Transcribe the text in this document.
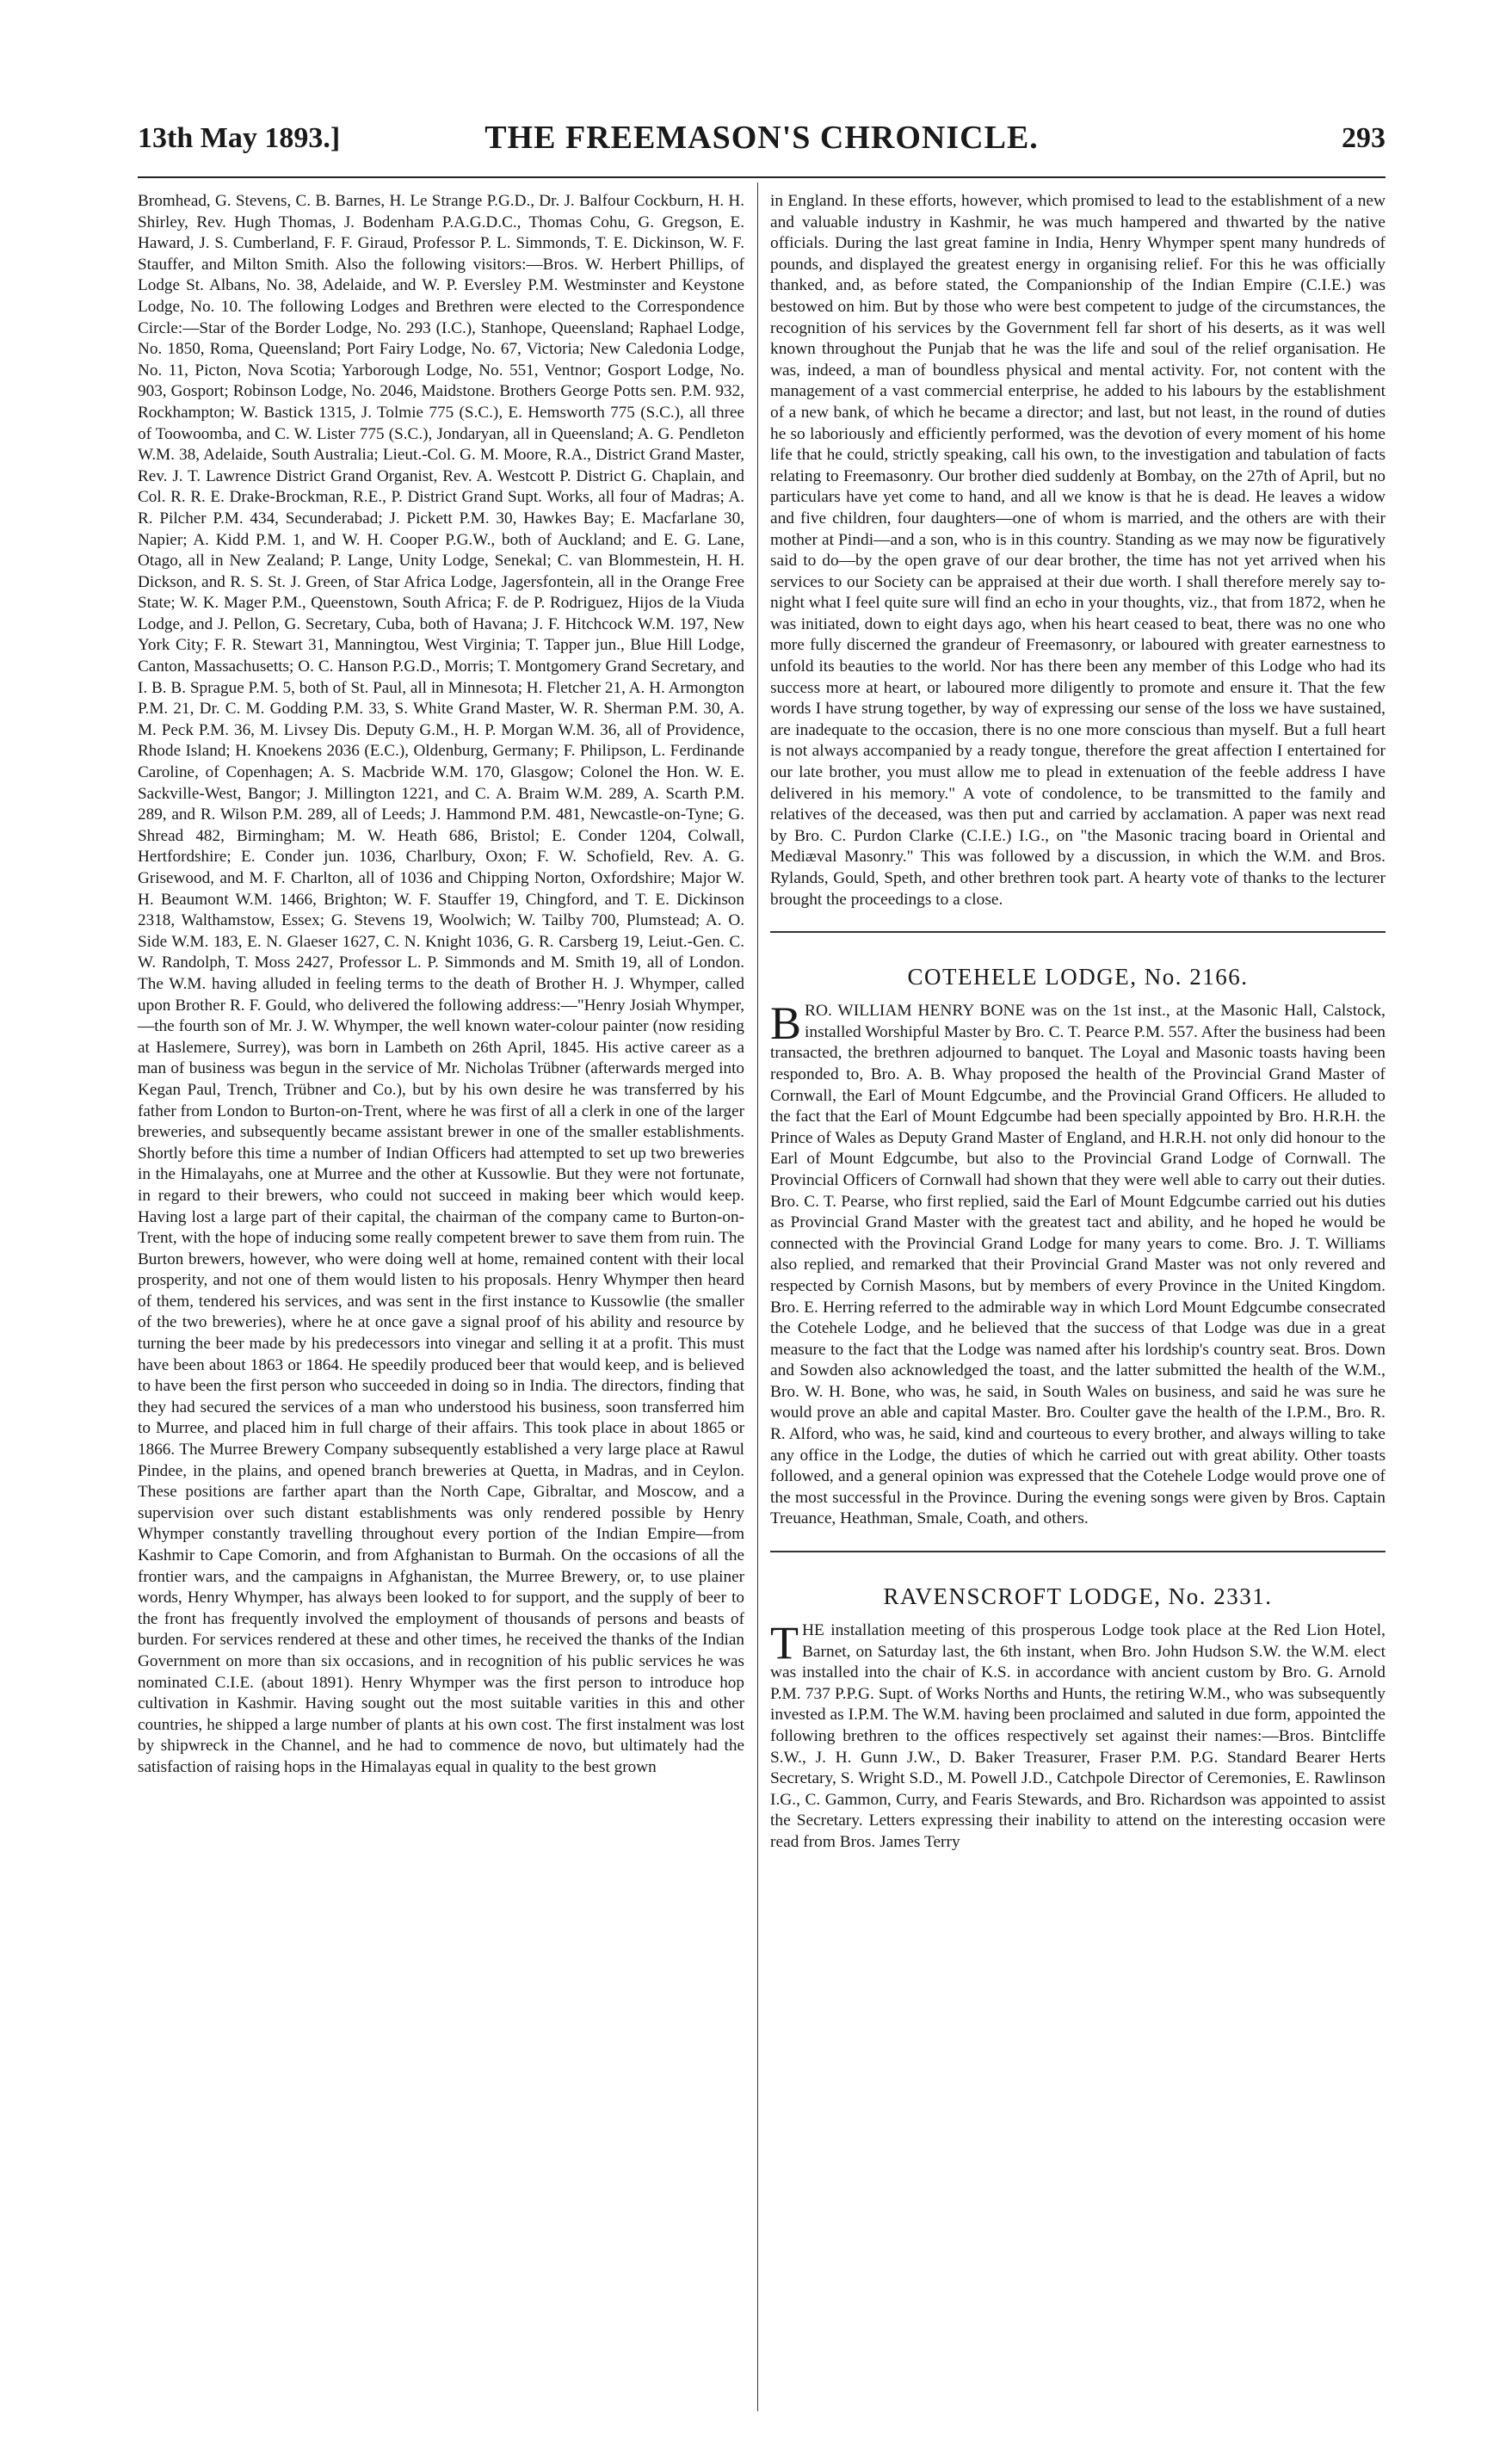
13th May 1893.]	THE FREEMASON'S CHRONICLE.	293

Bromhead, G. Stevens, C. B. Barnes, H. Le Strange P.G.D., Dr. J. Balfour Cockburn, H. H. Shirley, Rev. Hugh Thomas, J. Bodenham P.A.G.D.C., Thomas Cohu, G. Gregson, E. Haward, J. S. Cumberland, F. F. Giraud, Professor P. L. Simmonds, T. E. Dickinson, W. F. Stauffer, and Milton Smith. Also the following visitors:—Bros. W. Herbert Phillips, of Lodge St. Albans, No. 38, Adelaide, and W. P. Eversley P.M. Westminster and Keystone Lodge, No. 10. The following Lodges and Brethren were elected to the Correspondence Circle:—Star of the Border Lodge, No. 293 (I.C.), Stanhope, Queensland; Raphael Lodge, No. 1850, Roma, Queensland; Port Fairy Lodge, No. 67, Victoria; New Caledonia Lodge, No. 11, Picton, Nova Scotia; Yarborough Lodge, No. 551, Ventnor; Gosport Lodge, No. 903, Gosport; Robinson Lodge, No. 2046, Maidstone. Brothers George Potts sen. P.M. 932, Rockhampton; W. Bastick 1315, J. Tolmie 775 (S.C.), E. Hemsworth 775 (S.C.), all three of Toowoomba, and C. W. Lister 775 (S.C.), Jondaryan, all in Queensland; A. G. Pendleton W.M. 38, Adelaide, South Australia; Lieut.-Col. G. M. Moore, R.A., District Grand Master, Rev. J. T. Lawrence District Grand Organist, Rev. A. Westcott P. District G. Chaplain, and Col. R. R. E. Drake-Brockman, R.E., P. District Grand Supt. Works, all four of Madras; A. R. Pilcher P.M. 434, Secunderabad; J. Pickett P.M. 30, Hawkes Bay; E. Macfarlane 30, Napier; A. Kidd P.M. 1, and W. H. Cooper P.G.W., both of Auckland; and E. G. Lane, Otago, all in New Zealand; P. Lange, Unity Lodge, Senekal; C. van Blommestein, H. H. Dickson, and R. S. St. J. Green, of Star Africa Lodge, Jagersfontein, all in the Orange Free State; W. K. Mager P.M., Queenstown, South Africa; F. de P. Rodriguez, Hijos de la Viuda Lodge, and J. Pellon, G. Secretary, Cuba, both of Havana; J. F. Hitchcock W.M. 197, New York City; F. R. Stewart 31, Manningtou, West Virginia; T. Tapper jun., Blue Hill Lodge, Canton, Massachusetts; O. C. Hanson P.G.D., Morris; T. Montgomery Grand Secretary, and I. B. B. Sprague P.M. 5, both of St. Paul, all in Minnesota; H. Fletcher 21, A. H. Armongton P.M. 21, Dr. C. M. Godding P.M. 33, S. White Grand Master, W. R. Sherman P.M. 30, A. M. Peck P.M. 36, M. Livsey Dis. Deputy G.M., H. P. Morgan W.M. 36, all of Providence, Rhode Island; H. Knoekens 2036 (E.C.), Oldenburg, Germany; F. Philipson, L. Ferdinande Caroline, of Copenhagen; A. S. Macbride W.M. 170, Glasgow; Colonel the Hon. W. E. Sackville-West, Bangor; J. Millington 1221, and C. A. Braim W.M. 289, A. Scarth P.M. 289, and R. Wilson P.M. 289, all of Leeds; J. Hammond P.M. 481, Newcastle-on-Tyne; G. Shread 482, Birmingham; M. W. Heath 686, Bristol; E. Conder 1204, Colwall, Hertfordshire; E. Conder jun. 1036, Charlbury, Oxon; F. W. Schofield, Rev. A. G. Grisewood, and M. F. Charlton, all of 1036 and Chipping Norton, Oxfordshire; Major W. H. Beaumont W.M. 1466, Brighton; W. F. Stauffer 19, Chingford, and T. E. Dickinson 2318, Walthamstow, Essex; G. Stevens 19, Woolwich; W. Tailby 700, Plumstead; A. O. Side W.M. 183, E. N. Glaeser 1627, C. N. Knight 1036, G. R. Carsberg 19, Leiut.-Gen. C. W. Randolph, T. Moss 2427, Professor L. P. Simmonds and M. Smith 19, all of London. The W.M. having alluded in feeling terms to the death of Brother H. J. Whymper, called upon Brother R. F. Gould, who delivered the following address:—"Henry Josiah Whymper,—the fourth son of Mr. J. W. Whymper, the well known water-colour painter (now residing at Haslemere, Surrey), was born in Lambeth on 26th April, 1845. His active career as a man of business was begun in the service of Mr. Nicholas Trübner (afterwards merged into Kegan Paul, Trench, Trübner and Co.), but by his own desire he was transferred by his father from London to Burton-on-Trent, where he was first of all a clerk in one of the larger breweries, and subsequently became assistant brewer in one of the smaller establishments. Shortly before this time a number of Indian Officers had attempted to set up two breweries in the Himalayahs, one at Murree and the other at Kussowlie. But they were not fortunate, in regard to their brewers, who could not succeed in making beer which would keep. Having lost a large part of their capital, the chairman of the company came to Burton-on-Trent, with the hope of inducing some really competent brewer to save them from ruin. The Burton brewers, however, who were doing well at home, remained content with their local prosperity, and not one of them would listen to his proposals. Henry Whymper then heard of them, tendered his services, and was sent in the first instance to Kussowlie (the smaller of the two breweries), where he at once gave a signal proof of his ability and resource by turning the beer made by his predecessors into vinegar and selling it at a profit. This must have been about 1863 or 1864. He speedily produced beer that would keep, and is believed to have been the first person who succeeded in doing so in India. The directors, finding that they had secured the services of a man who understood his business, soon transferred him to Murree, and placed him in full charge of their affairs. This took place in about 1865 or 1866. The Murree Brewery Company subsequently established a very large place at Rawul Pindee, in the plains, and opened branch breweries at Quetta, in Madras, and in Ceylon. These positions are farther apart than the North Cape, Gibraltar, and Moscow, and a supervision over such distant establishments was only rendered possible by Henry Whymper constantly travelling throughout every portion of the Indian Empire—from Kashmir to Cape Comorin, and from Afghanistan to Burmah. On the occasions of all the frontier wars, and the campaigns in Afghanistan, the Murree Brewery, or, to use plainer words, Henry Whymper, has always been looked to for support, and the supply of beer to the front has frequently involved the employment of thousands of persons and beasts of burden. For services rendered at these and other times, he received the thanks of the Indian Government on more than six occasions, and in recognition of his public services he was nominated C.I.E. (about 1891). Henry Whymper was the first person to introduce hop cultivation in Kashmir. Having sought out the most suitable varities in this and other countries, he shipped a large number of plants at his own cost. The first instalment was lost by shipwreck in the Channel, and he had to commence de novo, but ultimately had the satisfaction of raising hops in the Himalayas equal in quality to the best grown

in England. In these efforts, however, which promised to lead to the establishment of a new and valuable industry in Kashmir, he was much hampered and thwarted by the native officials. During the last great famine in India, Henry Whymper spent many hundreds of pounds, and displayed the greatest energy in organising relief. For this he was officially thanked, and, as before stated, the Companionship of the Indian Empire (C.I.E.) was bestowed on him. But by those who were best competent to judge of the circumstances, the recognition of his services by the Government fell far short of his deserts, as it was well known throughout the Punjab that he was the life and soul of the relief organisation. He was, indeed, a man of boundless physical and mental activity. For, not content with the management of a vast commercial enterprise, he added to his labours by the establishment of a new bank, of which he became a director; and last, but not least, in the round of duties he so laboriously and efficiently performed, was the devotion of every moment of his home life that he could, strictly speaking, call his own, to the investigation and tabulation of facts relating to Freemasonry. Our brother died suddenly at Bombay, on the 27th of April, but no particulars have yet come to hand, and all we know is that he is dead. He leaves a widow and five children, four daughters—one of whom is married, and the others are with their mother at Pindi—and a son, who is in this country. Standing as we may now be figuratively said to do—by the open grave of our dear brother, the time has not yet arrived when his services to our Society can be appraised at their due worth. I shall therefore merely say to-night what I feel quite sure will find an echo in your thoughts, viz., that from 1872, when he was initiated, down to eight days ago, when his heart ceased to beat, there was no one who more fully discerned the grandeur of Freemasonry, or laboured with greater earnestness to unfold its beauties to the world. Nor has there been any member of this Lodge who had its success more at heart, or laboured more diligently to promote and ensure it. That the few words I have strung together, by way of expressing our sense of the loss we have sustained, are inadequate to the occasion, there is no one more conscious than myself. But a full heart is not always accompanied by a ready tongue, therefore the great affection I entertained for our late brother, you must allow me to plead in extenuation of the feeble address I have delivered in his memory." A vote of condolence, to be transmitted to the family and relatives of the deceased, was then put and carried by acclamation. A paper was next read by Bro. C. Purdon Clarke (C.I.E.) I.G., on "the Masonic tracing board in Oriental and Mediæval Masonry." This was followed by a discussion, in which the W.M. and Bros. Rylands, Gould, Speth, and other brethren took part. A hearty vote of thanks to the lecturer brought the proceedings to a close.

COTEHELE LODGE, No. 2166.

BRO. WILLIAM HENRY BONE was on the 1st inst., at the Masonic Hall, Calstock, installed Worshipful Master by Bro. C. T. Pearce P.M. 557. After the business had been transacted, the brethren adjourned to banquet. The Loyal and Masonic toasts having been responded to, Bro. A. B. Whay proposed the health of the Provincial Grand Master of Cornwall, the Earl of Mount Edgcumbe, and the Provincial Grand Officers. He alluded to the fact that the Earl of Mount Edgcumbe had been specially appointed by Bro. H.R.H. the Prince of Wales as Deputy Grand Master of England, and H.R.H. not only did honour to the Earl of Mount Edgcumbe, but also to the Provincial Grand Lodge of Cornwall. The Provincial Officers of Cornwall had shown that they were well able to carry out their duties. Bro. C. T. Pearse, who first replied, said the Earl of Mount Edgcumbe carried out his duties as Provincial Grand Master with the greatest tact and ability, and he hoped he would be connected with the Provincial Grand Lodge for many years to come. Bro. J. T. Williams also replied, and remarked that their Provincial Grand Master was not only revered and respected by Cornish Masons, but by members of every Province in the United Kingdom. Bro. E. Herring referred to the admirable way in which Lord Mount Edgcumbe consecrated the Cotehele Lodge, and he believed that the success of that Lodge was due in a great measure to the fact that the Lodge was named after his lordship's country seat. Bros. Down and Sowden also acknowledged the toast, and the latter submitted the health of the W.M., Bro. W. H. Bone, who was, he said, in South Wales on business, and said he was sure he would prove an able and capital Master. Bro. Coulter gave the health of the I.P.M., Bro. R. R. Alford, who was, he said, kind and courteous to every brother, and always willing to take any office in the Lodge, the duties of which he carried out with great ability. Other toasts followed, and a general opinion was expressed that the Cotehele Lodge would prove one of the most successful in the Province. During the evening songs were given by Bros. Captain Treuance, Heathman, Smale, Coath, and others.

RAVENSCROFT LODGE, No. 2331.

THE installation meeting of this prosperous Lodge took place at the Red Lion Hotel, Barnet, on Saturday last, the 6th instant, when Bro. John Hudson S.W. the W.M. elect was installed into the chair of K.S. in accordance with ancient custom by Bro. G. Arnold P.M. 737 P.P.G. Supt. of Works Norths and Hunts, the retiring W.M., who was subsequently invested as I.P.M. The W.M. having been proclaimed and saluted in due form, appointed the following brethren to the offices respectively set against their names:—Bros. Bintcliffe S.W., J. H. Gunn J.W., D. Baker Treasurer, Fraser P.M. P.G. Standard Bearer Herts Secretary, S. Wright S.D., M. Powell J.D., Catchpole Director of Ceremonies, E. Rawlinson I.G., C. Gammon, Curry, and Fearis Stewards, and Bro. Richardson was appointed to assist the Secretary. Letters expressing their inability to attend on the interesting occasion were read from Bros. James Terry
